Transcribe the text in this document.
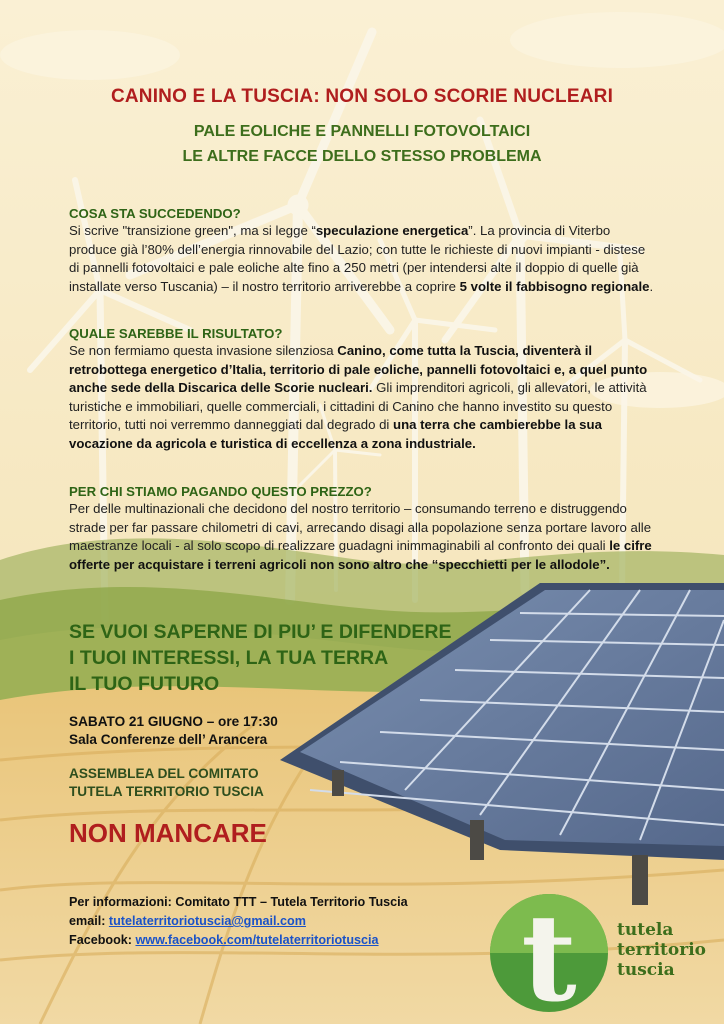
t
CANINO E LA TUSCIA: NON SOLO SCORIE NUCLEARI
PALE EOLICHE E PANNELLI FOTOVOLTAICI
LE ALTRE FACCE DELLO STESSO PROBLEMA
COSA STA SUCCEDENDO?
Si scrive "transizione green", ma si legge “speculazione energetica”. La provincia di Viterbo produce già l’80% dell’energia rinnovabile del Lazio; con tutte le richieste di nuovi impianti - distese di pannelli fotovoltaici e pale eoliche alte fino a 250 metri (per intendersi alte il doppio di quelle già installate verso Tuscania) – il nostro territorio arriverebbe a coprire 5 volte il fabbisogno regionale.
QUALE SAREBBE IL RISULTATO?
Se non fermiamo questa invasione silenziosa Canino, come tutta la Tuscia, diventerà il retrobottega energetico d’Italia, territorio di pale eoliche, pannelli fotovoltaici e, a quel punto anche sede della Discarica delle Scorie nucleari. Gli imprenditori agricoli, gli allevatori, le attività turistiche e immobiliari, quelle commerciali, i cittadini di Canino che hanno investito su questo territorio, tutti noi verremmo danneggiati dal degrado di una terra che cambierebbe la sua vocazione da agricola e turistica di eccellenza a zona industriale.
PER CHI STIAMO PAGANDO QUESTO PREZZO?
Per delle multinazionali che decidono del nostro territorio – consumando terreno e distruggendo strade per far passare chilometri di cavi, arrecando disagi alla popolazione senza portare lavoro alle maestranze locali - al solo scopo di realizzare guadagni inimmaginabili al confronto dei quali le cifre offerte per acquistare i terreni agricoli non sono altro che “specchietti per le allodole”.
SE VUOI SAPERNE DI PIU’ E DIFENDERE
I TUOI INTERESSI, LA TUA TERRA
IL TUO FUTURO
SABATO 21 GIUGNO – ore 17:30
Sala Conferenze dell’ Arancera
ASSEMBLEA DEL COMITATO
TUTELA TERRITORIO TUSCIA
NON MANCARE
Per informazioni: Comitato TTT – Tutela Territorio Tuscia
email: tutelaterritoriotuscia@gmail.com
Facebook: www.facebook.com/tutelaterritoriotuscia	tutela
territorio
tuscia
